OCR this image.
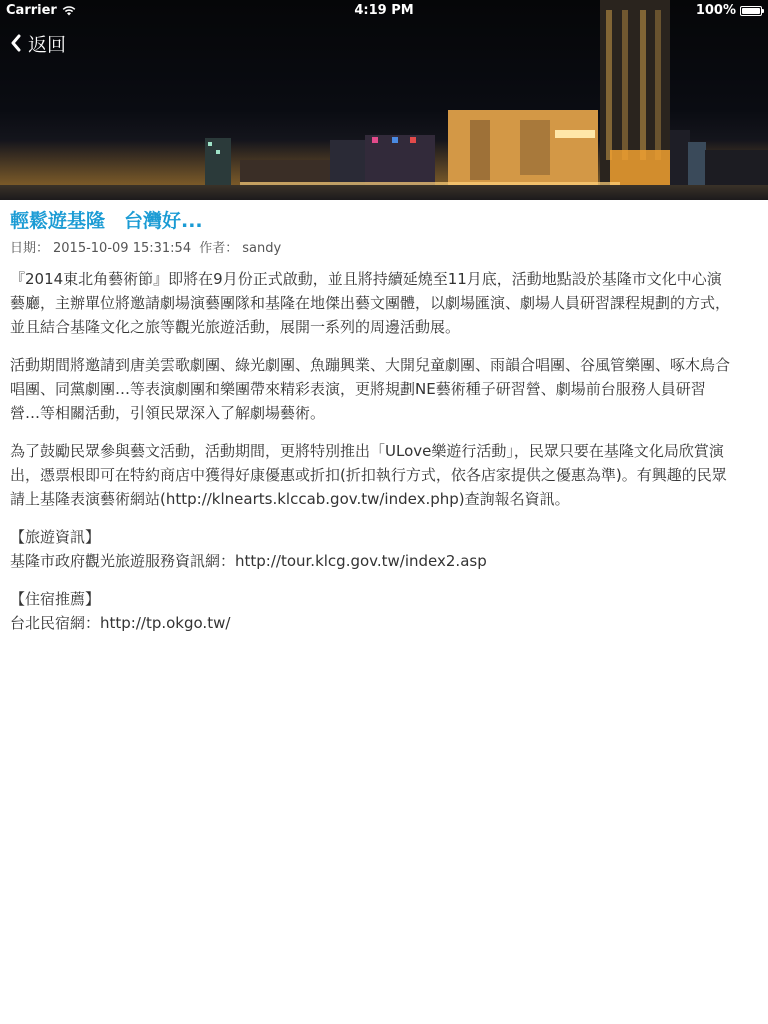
Carrier	4:19 PM	100%
返回
輕鬆遊基隆　台灣好...
日期： 2015-10-09 15:31:54 作者： sandy

『2014東北角藝術節』即將在9月份正式啟動，並且將持續延燒至11月底，活動地點設於基隆市文化中心演藝廳，主辦單位將邀請劇場演藝團隊和基隆在地傑出藝文團體，以劇場匯演、劇場人員研習課程規劃的方式，並且結合基隆文化之旅等觀光旅遊活動，展開一系列的周邊活動展。

活動期間將邀請到唐美雲歌劇團、綠光劇團、魚蹦興業、大開兒童劇團、雨韻合唱團、谷風管樂團、啄木鳥合唱團、同黨劇團…等表演劇團和樂團帶來精彩表演，更將規劃NE藝術種子研習營、劇場前台服務人員研習營…等相關活動，引領民眾深入了解劇場藝術。

為了鼓勵民眾參與藝文活動，活動期間，更將特別推出「ULove樂遊行活動」，民眾只要在基隆文化局欣賞演出，憑票根即可在特約商店中獲得好康優惠或折扣(折扣執行方式，依各店家提供之優惠為準)。有興趣的民眾請上基隆表演藝術網站(http://klnearts.klccab.gov.tw/index.php)查詢報名資訊。

【旅遊資訊】
基隆市政府觀光旅遊服務資訊網：http://tour.klcg.gov.tw/index2.asp

【住宿推薦】
台北民宿網：http://tp.okgo.tw/
